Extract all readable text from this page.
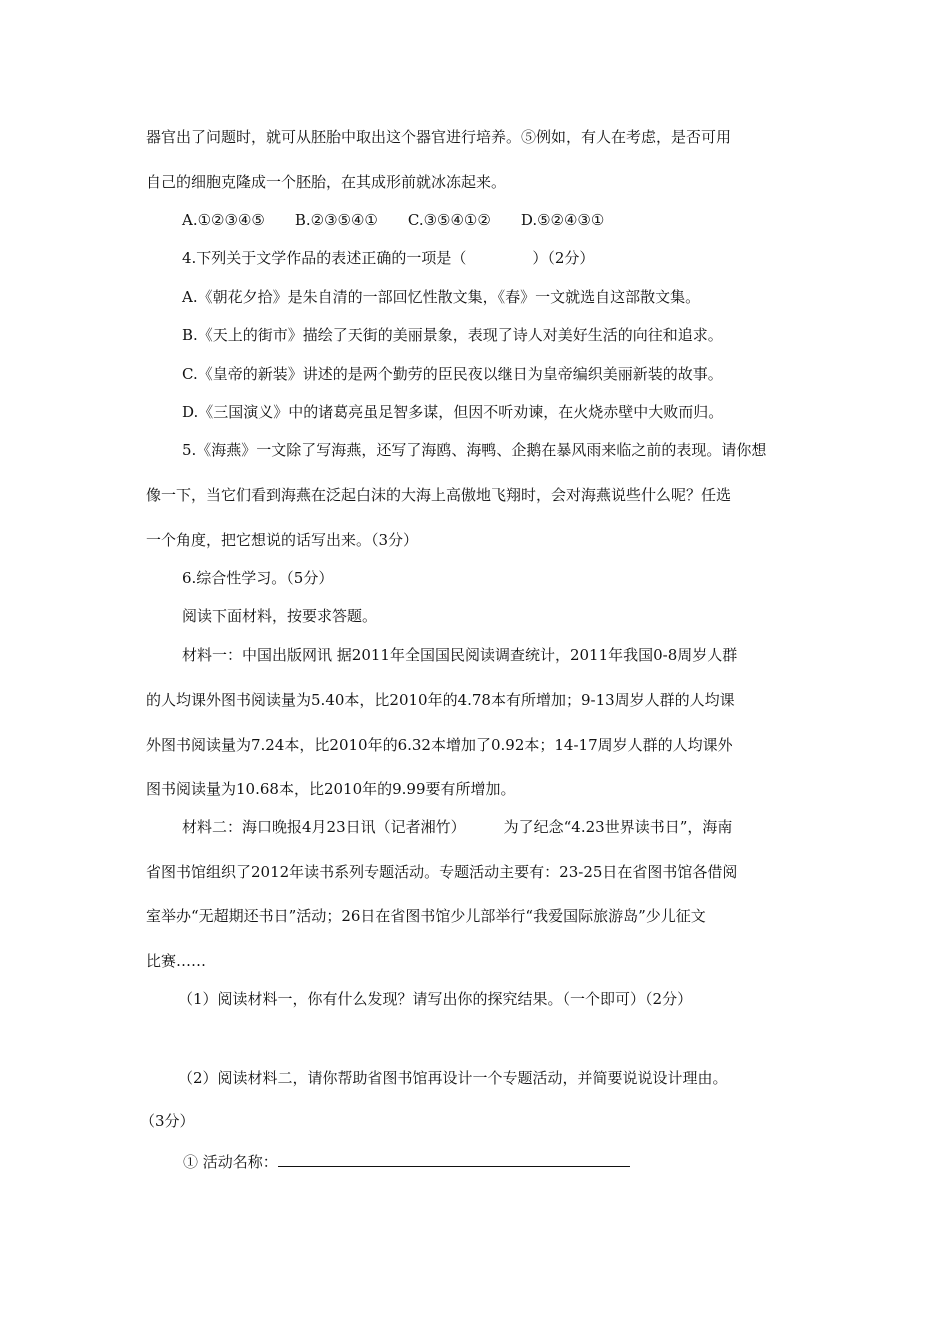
器官出了问题时，就可从胚胎中取出这个器官进行培养。⑤例如，有人在考虑，是否可用
自己的细胞克隆成一个胚胎，在其成形前就冰冻起来。
A.①②③④⑤ B.②③⑤④① C.③⑤④①② D.⑤②④③①
4.下列关于文学作品的表述正确的一项是（	）（2分）
A.《朝花夕拾》是朱自清的一部回忆性散文集，《春》一文就选自这部散文集。
B.《天上的街市》描绘了天街的美丽景象，表现了诗人对美好生活的向往和追求。
C.《皇帝的新装》讲述的是两个勤劳的臣民夜以继日为皇帝编织美丽新装的故事。
D.《三国演义》中的诸葛亮虽足智多谋，但因不听劝谏，在火烧赤壁中大败而归。
5.《海燕》一文除了写海燕，还写了海鸥、海鸭、企鹅在暴风雨来临之前的表现。请你想
像一下，当它们看到海燕在泛起白沫的大海上高傲地飞翔时，会对海燕说些什么呢？任选
一个角度，把它想说的话写出来。（3分）
6.综合性学习。（5分）
阅读下面材料，按要求答题。
材料一：中国出版网讯 据2011年全国国民阅读调查统计，2011年我国0-8周岁人群
的人均课外图书阅读量为5.40本，比2010年的4.78本有所增加；9-13周岁人群的人均课
外图书阅读量为7.24本，比2010年的6.32本增加了0.92本；14-17周岁人群的人均课外
图书阅读量为10.68本，比2010年的9.99要有所增加。
材料二：海口晚报4月23日讯（记者湘竹）	为了纪念“4.23世界读书日”，海南
省图书馆组织了2012年读书系列专题活动。专题活动主要有：23-25日在省图书馆各借阅
室举办“无超期还书日”活动；26日在省图书馆少儿部举行“我爱国际旅游岛”少儿征文
比赛……
（1）阅读材料一，你有什么发现？请写出你的探究结果。（一个即可）（2分）
（2）阅读材料二，请你帮助省图书馆再设计一个专题活动，并简要说说设计理由。
（3分）
① 活动名称：
